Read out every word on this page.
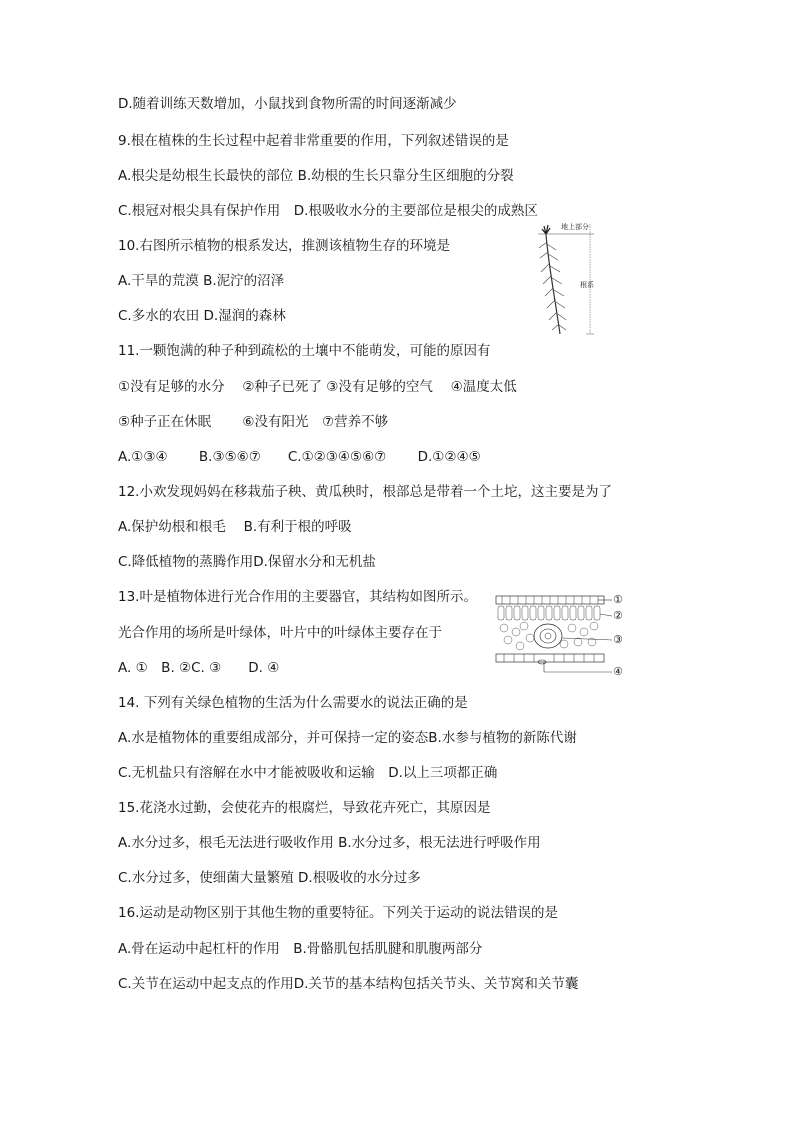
D.随着训练天数增加，小鼠找到食物所需的时间逐渐减少
9.根在植株的生长过程中起着非常重要的作用，下列叙述错误的是
A.根尖是幼根生长最快的部位 B.幼根的生长只靠分生区细胞的分裂
C.根冠对根尖具有保护作用　D.根吸收水分的主要部位是根尖的成熟区
10.右图所示植物的根系发达，推测该植物生存的环境是
A.干旱的荒漠 B.泥泞的沼泽
C.多水的农田 D.湿润的森林
11.一颗饱满的种子种到疏松的土壤中不能萌发，可能的原因有
①没有足够的水分　 ②种子已死了 ③没有足够的空气　 ④温度太低
⑤种子正在休眠　　 ⑥没有阳光　⑦营养不够
A.①③④　　 B.③⑤⑥⑦　　C.①②③④⑤⑥⑦　　 D.①②④⑤
12.小欢发现妈妈在移栽茄子秧、黄瓜秧时，根部总是带着一个土坨，这主要是为了
A.保护幼根和根毛　 B.有利于根的呼吸
C.降低植物的蒸腾作用D.保留水分和无机盐
13.叶是植物体进行光合作用的主要器官，其结构如图所示。
光合作用的场所是叶绿体，叶片中的叶绿体主要存在于
A. ①　B. ②C. ③　　D. ④
14. 下列有关绿色植物的生活为什么需要水的说法正确的是
A.水是植物体的重要组成部分，并可保持一定的姿态B.水参与植物的新陈代谢
C.无机盐只有溶解在水中才能被吸收和运输　D.以上三项都正确
15.花浇水过勤，会使花卉的根腐烂，导致花卉死亡，其原因是
A.水分过多，根毛无法进行吸收作用 B.水分过多，根无法进行呼吸作用
C.水分过多，使细菌大量繁殖 D.根吸收的水分过多
16.运动是动物区别于其他生物的重要特征。下列关于运动的说法错误的是
A.骨在运动中起杠杆的作用　B.骨骼肌包括肌腱和肌腹两部分
C.关节在运动中起支点的作用D.关节的基本结构包括关节头、关节窝和关节囊
地上部分
根系
①
②
③
④
